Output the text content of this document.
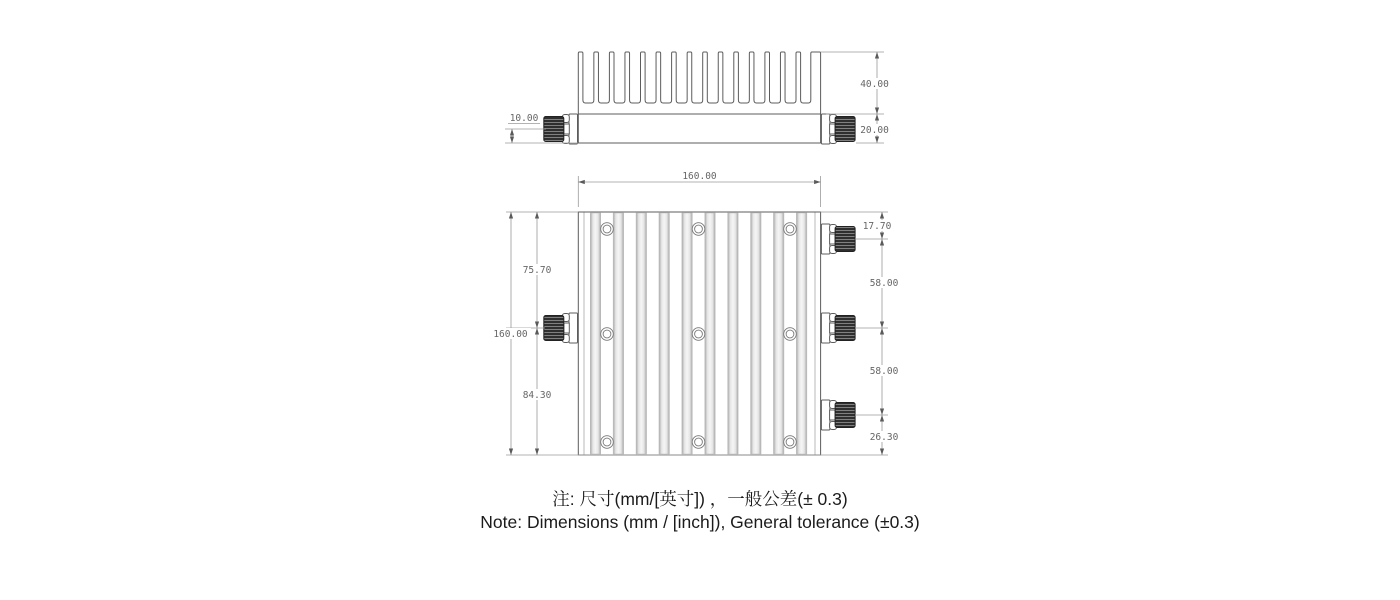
40.00
20.00
10.00
160.00
160.00
75.70
84.30
17.70
58.00
58.00
26.30
注: 尺寸(mm/[英寸]) ，一般公差(± 0.3)
Note: Dimensions (mm / [inch]), General tolerance (±0.3)
